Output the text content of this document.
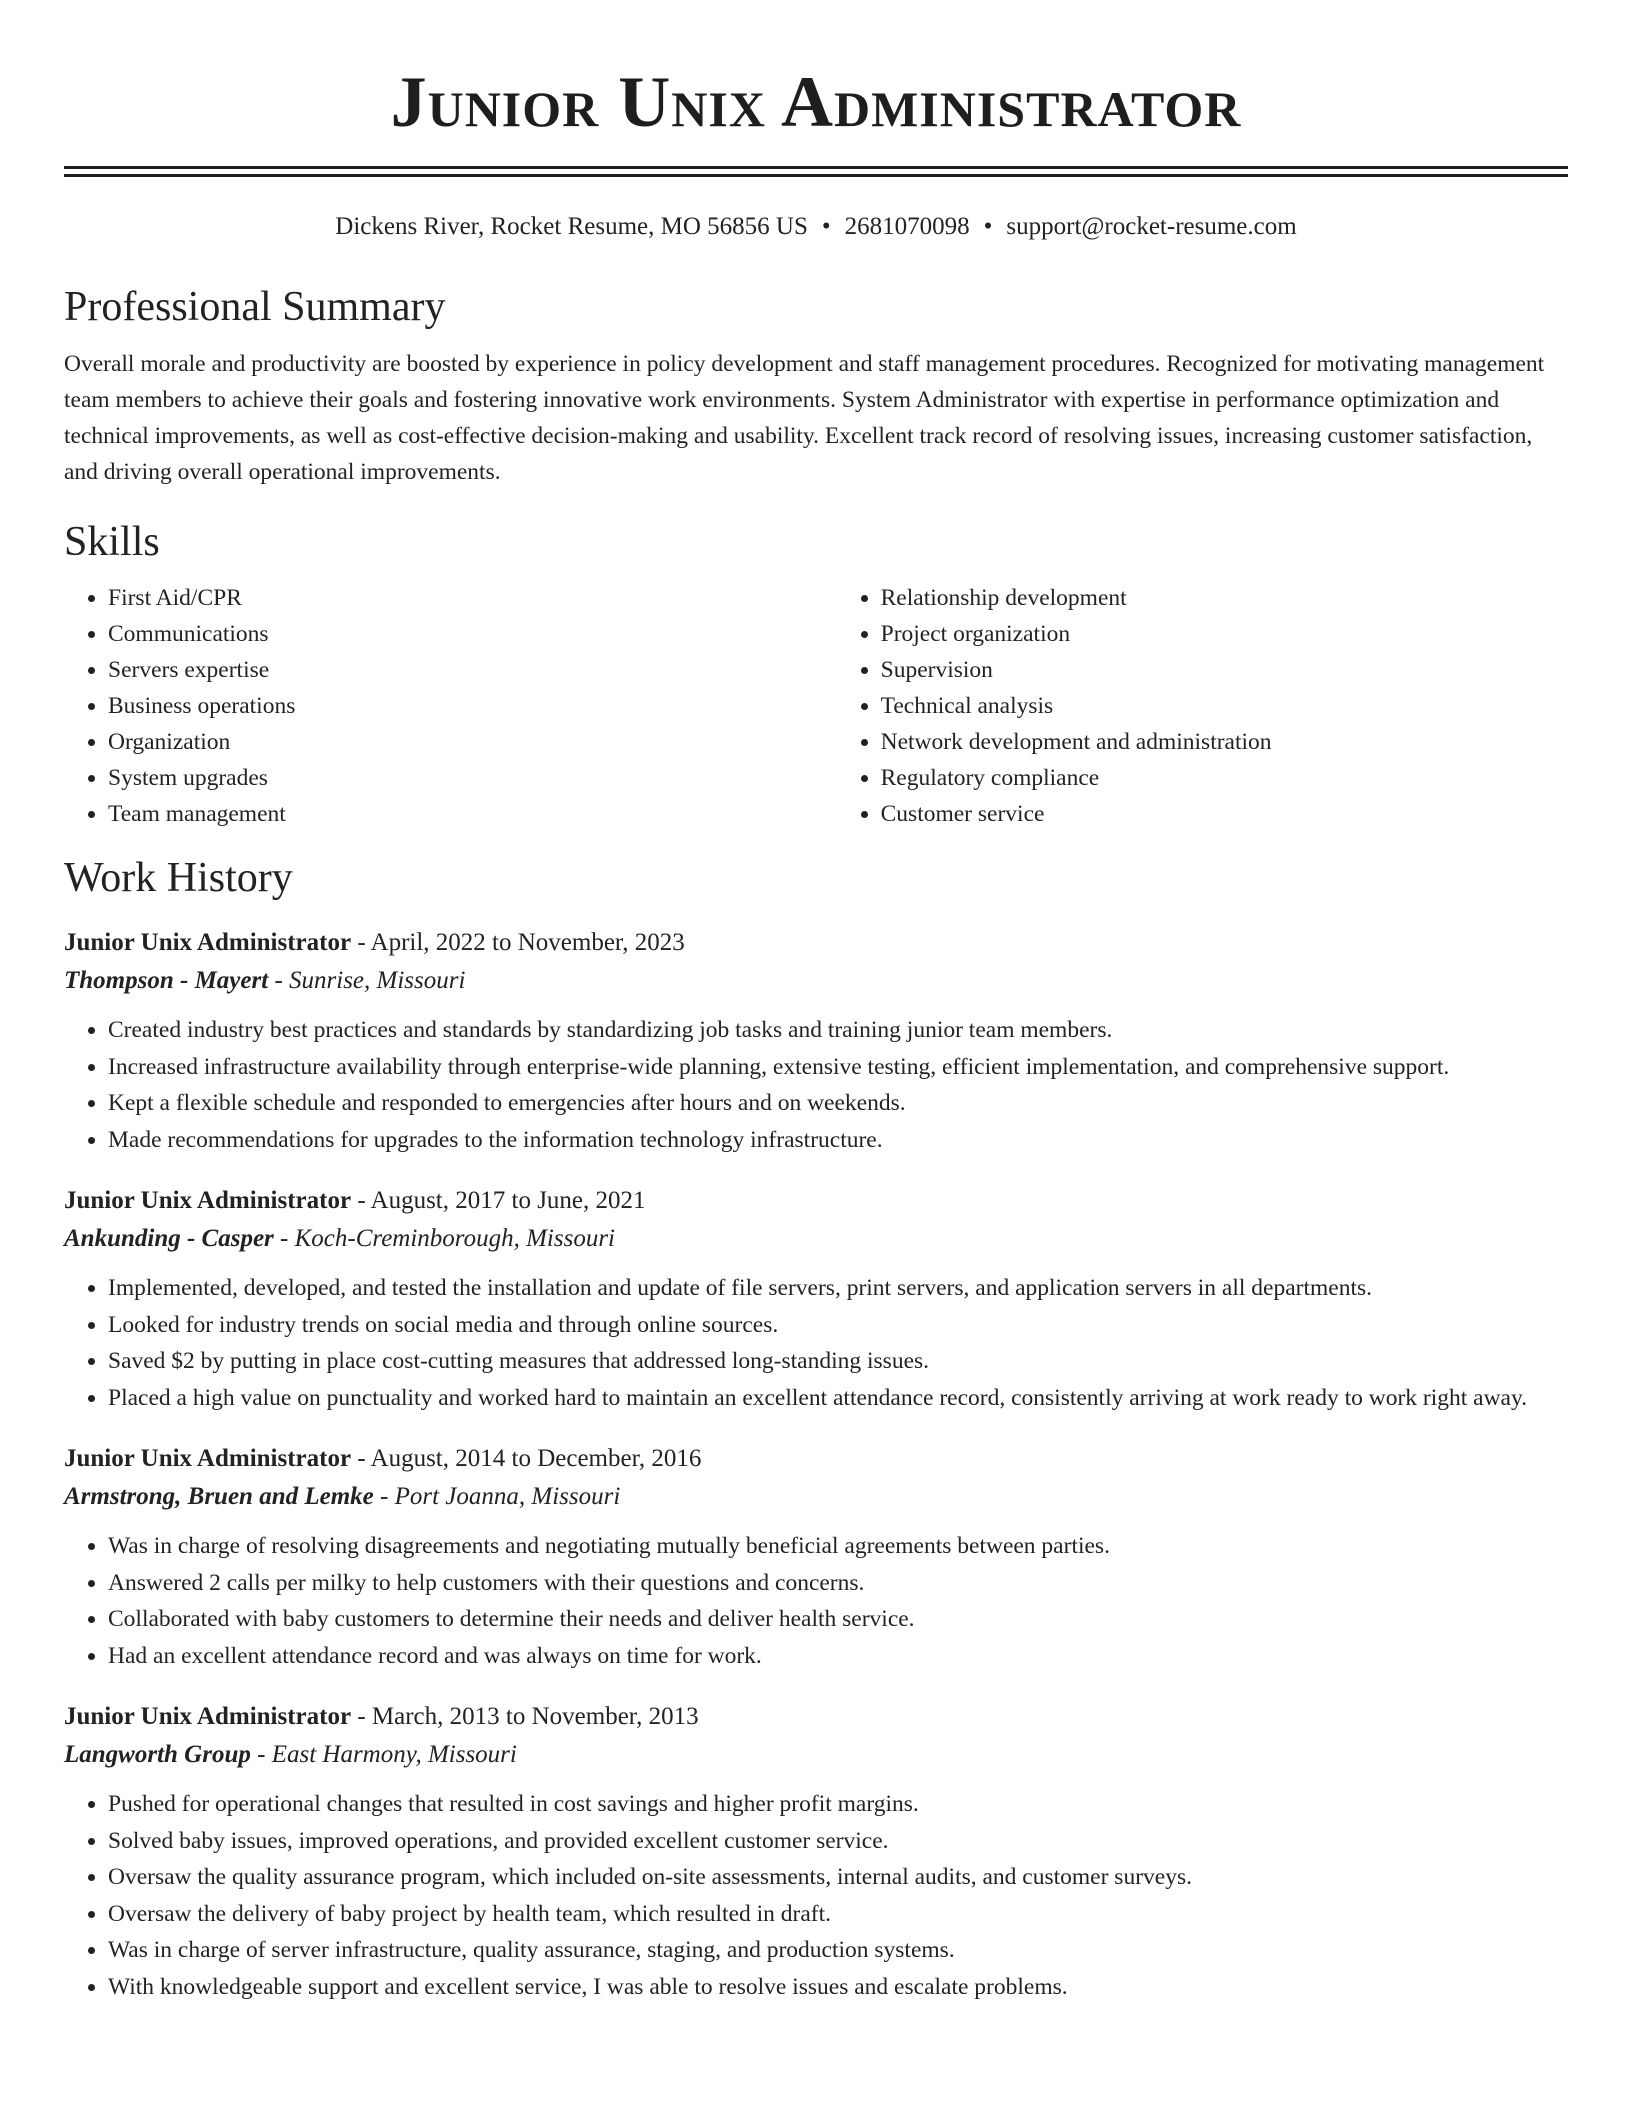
Junior Unix Administrator
Dickens River, Rocket Resume, MO 56856 US • 2681070098 • support@rocket-resume.com
Professional Summary

Overall morale and productivity are boosted by experience in policy development and staff management procedures. Recognized for motivating management team members to achieve their goals and fostering innovative work environments. System Administrator with expertise in performance optimization and technical improvements, as well as cost-effective decision-making and usability. Excellent track record of resolving issues, increasing customer satisfaction, and driving overall operational improvements.

Skills
• First Aid/CPR
• Communications
• Servers expertise
• Business operations
• Organization
• System upgrades
• Team management
• Relationship development
• Project organization
• Supervision
• Technical analysis
• Network development and administration
• Regulatory compliance
• Customer service
Work History
Junior Unix Administrator - April, 2022 to November, 2023
Thompson - Mayert - Sunrise, Missouri
• Created industry best practices and standards by standardizing job tasks and training junior team members.
• Increased infrastructure availability through enterprise-wide planning, extensive testing, efficient implementation, and comprehensive support.
• Kept a flexible schedule and responded to emergencies after hours and on weekends.
• Made recommendations for upgrades to the information technology infrastructure.
Junior Unix Administrator - August, 2017 to June, 2021
Ankunding - Casper - Koch-Creminborough, Missouri
• Implemented, developed, and tested the installation and update of file servers, print servers, and application servers in all departments.
• Looked for industry trends on social media and through online sources.
• Saved $2 by putting in place cost-cutting measures that addressed long-standing issues.
• Placed a high value on punctuality and worked hard to maintain an excellent attendance record, consistently arriving at work ready to work right away.
Junior Unix Administrator - August, 2014 to December, 2016
Armstrong, Bruen and Lemke - Port Joanna, Missouri
• Was in charge of resolving disagreements and negotiating mutually beneficial agreements between parties.
• Answered 2 calls per milky to help customers with their questions and concerns.
• Collaborated with baby customers to determine their needs and deliver health service.
• Had an excellent attendance record and was always on time for work.
Junior Unix Administrator - March, 2013 to November, 2013
Langworth Group - East Harmony, Missouri
• Pushed for operational changes that resulted in cost savings and higher profit margins.
• Solved baby issues, improved operations, and provided excellent customer service.
• Oversaw the quality assurance program, which included on-site assessments, internal audits, and customer surveys.
• Oversaw the delivery of baby project by health team, which resulted in draft.
• Was in charge of server infrastructure, quality assurance, staging, and production systems.
• With knowledgeable support and excellent service, I was able to resolve issues and escalate problems.
